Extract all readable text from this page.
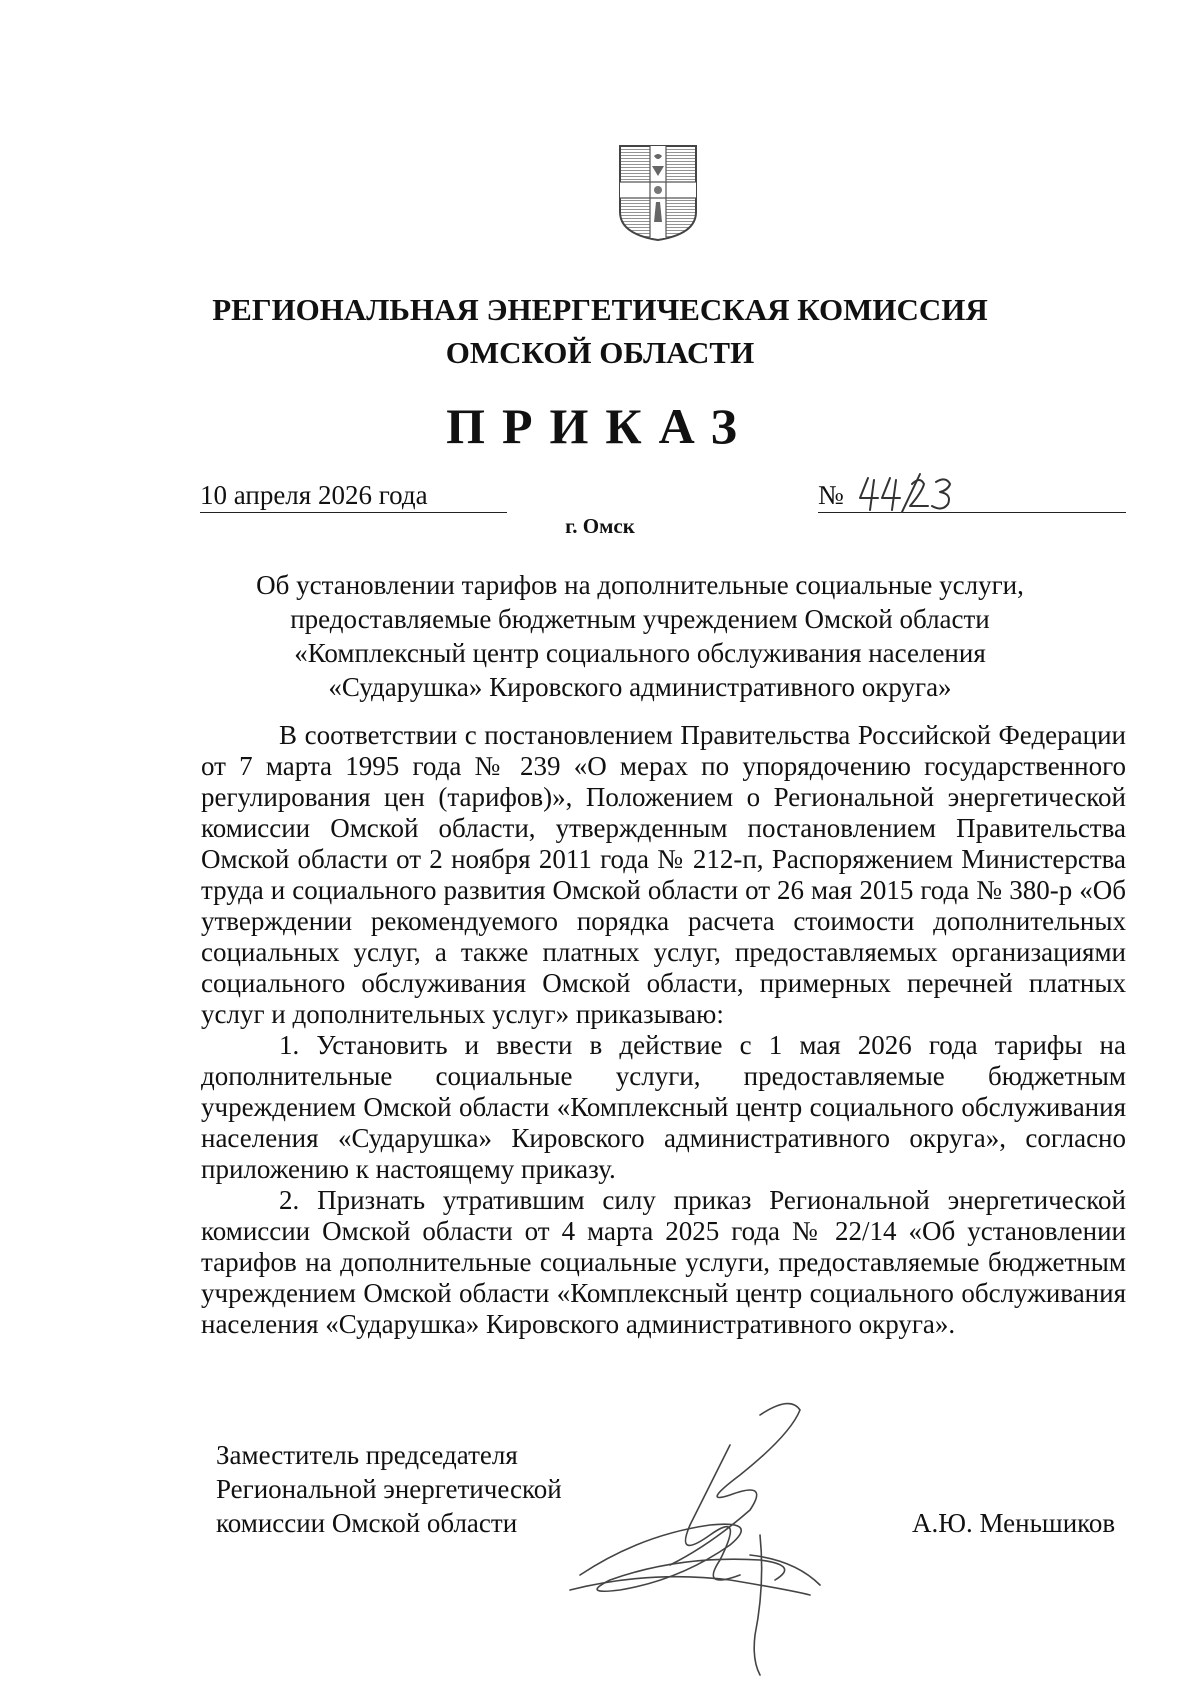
РЕГИОНАЛЬНАЯ ЭНЕРГЕТИЧЕСКАЯ КОМИССИЯ
ОМСКОЙ ОБЛАСТИ
ПРИКАЗ
10 апреля 2026 года	№
г. Омск
Об установлении тарифов на дополнительные социальные услуги,
предоставляемые бюджетным учреждением Омской области
«Комплексный центр социального обслуживания населения
«Сударушка» Кировского административного округа»

В соответствии с постановлением Правительства Российской Федерации от 7 марта 1995 года № 239 «О мерах по упорядочению государственного регулирования цен (тарифов)», Положением о Региональной энергетической комиссии Омской области, утвержденным постановлением Правительства Омской области от 2 ноября 2011 года № 212-п, Распоряжением Министерства труда и социального развития Омской области от 26 мая 2015 года № 380-р «Об утверждении рекомендуемого порядка расчета стоимости дополнительных социальных услуг, а также платных услуг, предоставляемых организациями социального обслуживания Омской области, примерных перечней платных услуг и дополнительных услуг» приказываю:

1. Установить и ввести в действие с 1 мая 2026 года тарифы на дополнительные социальные услуги, предоставляемые бюджетным учреждением Омской области «Комплексный центр социального обслуживания населения «Сударушка» Кировского административного округа», согласно приложению к настоящему приказу.

2. Признать утратившим силу приказ Региональной энергетической комиссии Омской области от 4 марта 2025 года № 22/14 «Об установлении тарифов на дополнительные социальные услуги, предоставляемые бюджетным учреждением Омской области «Комплексный центр социального обслуживания населения «Сударушка» Кировского административного округа».

Заместитель председателя
Региональной энергетической
комиссии Омской области	А.Ю. Меньшиков
